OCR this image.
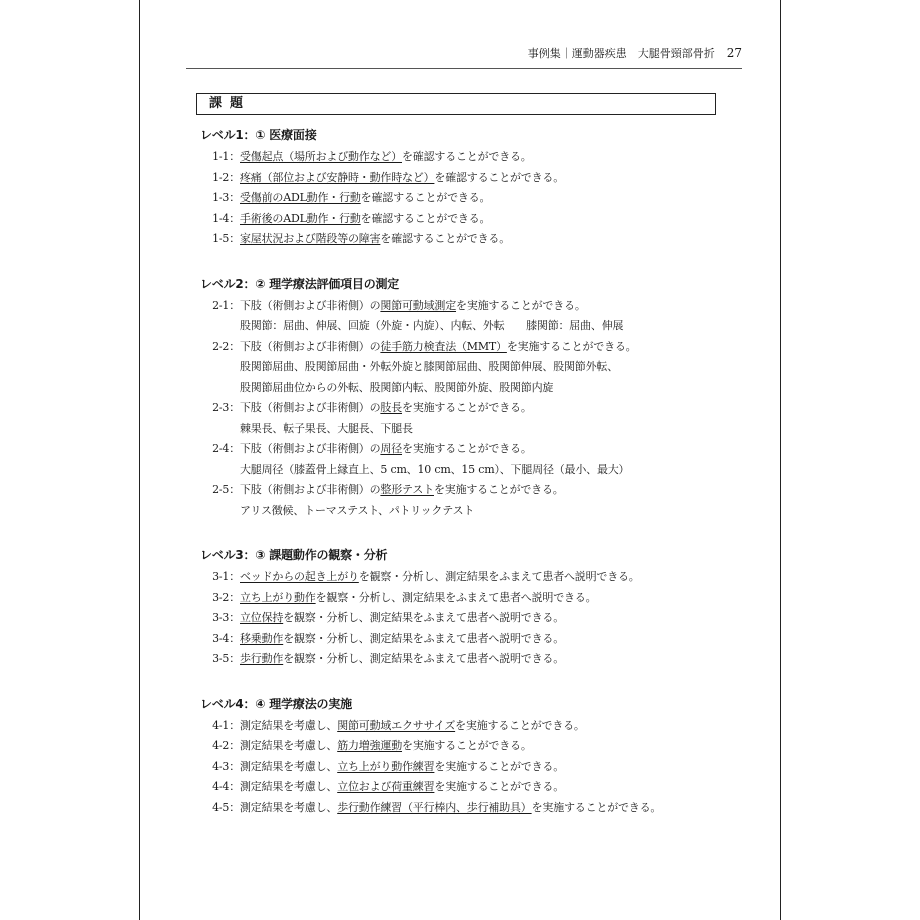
事例集｜運動器疾患　大腿骨頸部骨折 27
課題
レベル1：① 医療面接
1-1： 受傷起点（場所および動作など）を確認することができる。
1-2： 疼痛（部位および安静時・動作時など）を確認することができる。
1-3： 受傷前のADL動作・行動を確認することができる。
1-4： 手術後のADL動作・行動を確認することができる。
1-5： 家屋状況および階段等の障害を確認することができる。
レベル2：② 理学療法評価項目の測定
2-1： 下肢（術側および非術側）の関節可動域測定を実施することができる。
股関節：屈曲、伸展、回旋（外旋・内旋）、内転、外転　　膝関節：屈曲、伸展
2-2： 下肢（術側および非術側）の徒手筋力検査法（MMT）を実施することができる。
股関節屈曲、股関節屈曲・外転外旋と膝関節屈曲、股関節伸展、股関節外転、
股関節屈曲位からの外転、股関節内転、股関節外旋、股関節内旋
2-3： 下肢（術側および非術側）の肢長を実施することができる。
棘果長、転子果長、大腿長、下腿長
2-4： 下肢（術側および非術側）の周径を実施することができる。
大腿周径（膝蓋骨上縁直上、5 cm、10 cm、15 cm）、下腿周径（最小、最大）
2-5： 下肢（術側および非術側）の整形テストを実施することができる。
アリス徴候、トーマステスト、パトリックテスト
レベル3：③ 課題動作の観察・分析
3-1： ベッドからの起き上がりを観察・分析し、測定結果をふまえて患者へ説明できる。
3-2： 立ち上がり動作を観察・分析し、測定結果をふまえて患者へ説明できる。
3-3： 立位保持を観察・分析し、測定結果をふまえて患者へ説明できる。
3-4： 移乗動作を観察・分析し、測定結果をふまえて患者へ説明できる。
3-5： 歩行動作を観察・分析し、測定結果をふまえて患者へ説明できる。
レベル4：④ 理学療法の実施
4-1： 測定結果を考慮し、関節可動域エクササイズを実施することができる。
4-2： 測定結果を考慮し、筋力増強運動を実施することができる。
4-3： 測定結果を考慮し、立ち上がり動作練習を実施することができる。
4-4： 測定結果を考慮し、立位および荷重練習を実施することができる。
4-5： 測定結果を考慮し、歩行動作練習（平行棒内、歩行補助具）を実施することができる。
